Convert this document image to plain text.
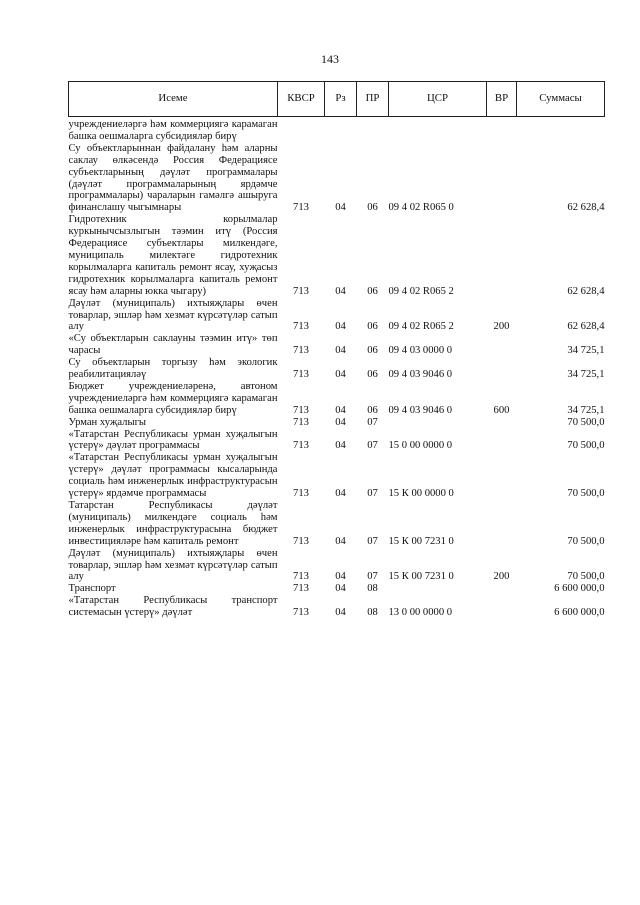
143
Исеме	КВСР	Рз	ПР	ЦСР	ВР	Суммасы

учреждениеләргә һәм коммерциягә карамаган башка оешмаларга субсидияләр бирү						
Су объектларыннан файдалану һәм аларны саклау өлкәсендә Россия Федерациясе субъектларының дәүләт программалары (дәүләт программаларының ярдәмче программалары) чараларын гамәлгә ашыруга финанслашу чыгымнары	713	04	06	09 4 02 R065 0		62 628,4
Гидротехник корылмалар куркынычсызлыгын тәэмин итү (Россия Федерациясе субъектлары милкендәге, муниципаль милектәге гидротехник корылмаларга капиталь ремонт ясау, хуҗасыз гидротехник корылмаларга капиталь ремонт ясау һәм аларны юкка чыгару)	713	04	06	09 4 02 R065 2		62 628,4
Дәүләт (муниципаль) ихтыяҗлары өчен товарлар, эшләр һәм хезмәт күрсәтүләр сатып алу	713	04	06	09 4 02 R065 2	200	62 628,4
«Су объектларын саклауны тәэмин итү» төп чарасы	713	04	06	09 4 03 0000 0		34 725,1
Су объектларын торгызу һәм экологик реабилитацияләү	713	04	06	09 4 03 9046 0		34 725,1
Бюджет учреждениеләренә, автоном учреждениеләргә һәм коммерциягә карамаган башка оешмаларга субсидияләр бирү	713	04	06	09 4 03 9046 0	600	34 725,1
Урман хуҗалыгы	713	04	07			70 500,0
«Татарстан Республикасы урман хуҗалыгын үстерү» дәүләт программасы	713	04	07	15 0 00 0000 0		70 500,0
«Татарстан Республикасы урман хуҗалыгын үстерү» дәүләт программасы кысаларында социаль һәм инженерлык инфраструктурасын үстерү» ярдәмче программасы	713	04	07	15 К 00 0000 0		70 500,0
Татарстан Республикасы дәүләт (муниципаль) милкендәге социаль һәм инженерлык инфраструктурасына бюджет инвестицияләре һәм капиталь ремонт	713	04	07	15 К 00 7231 0		70 500,0
Дәүләт (муниципаль) ихтыяҗлары өчен товарлар, эшләр һәм хезмәт күрсәтүләр сатып алу	713	04	07	15 К 00 7231 0	200	70 500,0
Транспорт	713	04	08			6 600 000,0
«Татарстан Республикасы транспорт системасын үстерү» дәүләт	713	04	08	13 0 00 0000 0		6 600 000,0
